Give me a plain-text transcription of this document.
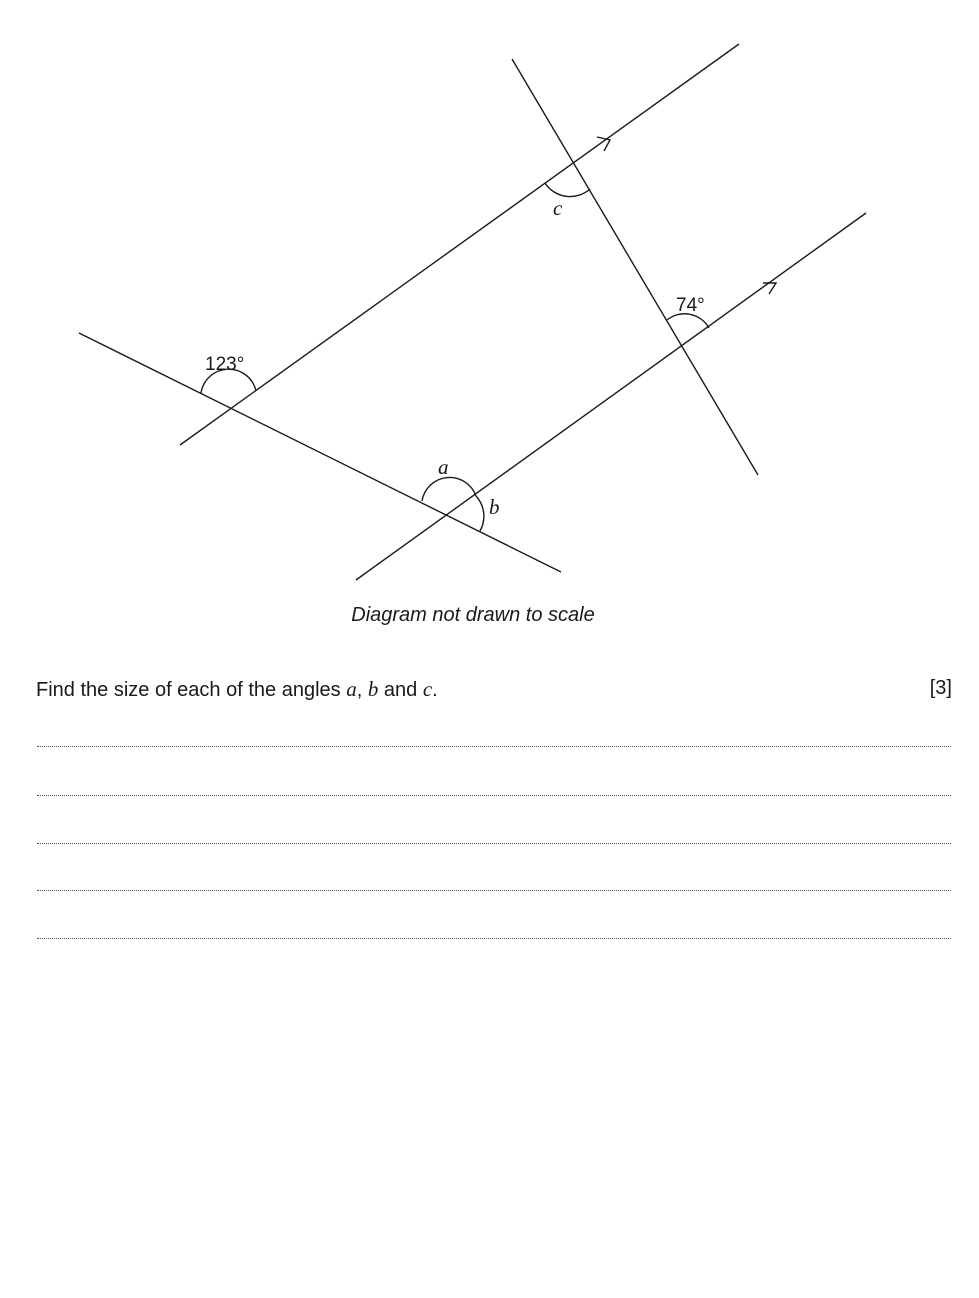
123°
74°
c
a
b
Diagram not drawn to scale
Find the size of each of the angles a, b and c.	[3]
